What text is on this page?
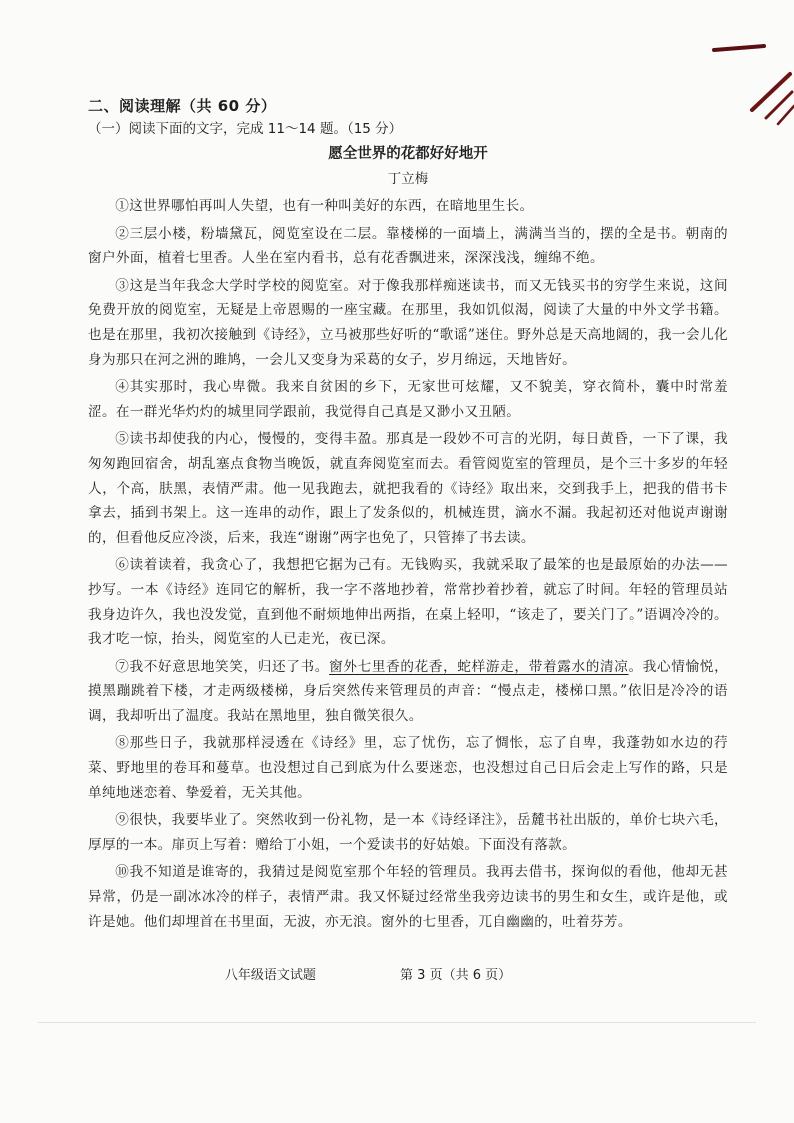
二、阅读理解（共 60 分）

（一）阅读下面的文字，完成 11～14 题。（15 分）

愿全世界的花都好好地开

丁立梅

①这世界哪怕再叫人失望，也有一种叫美好的东西，在暗地里生长。

②三层小楼，粉墙黛瓦，阅览室设在二层。靠楼梯的一面墙上，满满当当的，摆的全是书。朝南的窗户外面，植着七里香。人坐在室内看书，总有花香飘进来，深深浅浅，缠绵不绝。

③这是当年我念大学时学校的阅览室。对于像我那样痴迷读书，而又无钱买书的穷学生来说，这间免费开放的阅览室，无疑是上帝恩赐的一座宝藏。在那里，我如饥似渴，阅读了大量的中外文学书籍。也是在那里，我初次接触到《诗经》，立马被那些好听的“歌谣”迷住。野外总是天高地阔的，我一会儿化身为那只在河之洲的雎鸠，一会儿又变身为采葛的女子，岁月绵远，天地皆好。

④其实那时，我心卑微。我来自贫困的乡下，无家世可炫耀，又不貌美，穿衣简朴，囊中时常羞涩。在一群光华灼灼的城里同学跟前，我觉得自己真是又渺小又丑陋。

⑤读书却使我的内心，慢慢的，变得丰盈。那真是一段妙不可言的光阴，每日黄昏，一下了课，我匆匆跑回宿舍，胡乱塞点食物当晚饭，就直奔阅览室而去。看管阅览室的管理员，是个三十多岁的年轻人，个高，肤黑，表情严肃。他一见我跑去，就把我看的《诗经》取出来，交到我手上，把我的借书卡拿去，插到书架上。这一连串的动作，跟上了发条似的，机械连贯，滴水不漏。我起初还对他说声谢谢的，但看他反应冷淡，后来，我连“谢谢”两字也免了，只管捧了书去读。

⑥读着读着，我贪心了，我想把它据为己有。无钱购买，我就采取了最笨的也是最原始的办法——抄写。一本《诗经》连同它的解析，我一字不落地抄着，常常抄着抄着，就忘了时间。年轻的管理员站我身边许久，我也没发觉，直到他不耐烦地伸出两指，在桌上轻叩，“该走了，要关门了。”语调冷冷的。我才吃一惊，抬头，阅览室的人已走光，夜已深。

⑦我不好意思地笑笑，归还了书。窗外七里香的花香，蛇样游走，带着露水的清凉。我心情愉悦，摸黑蹦跳着下楼，才走两级楼梯，身后突然传来管理员的声音：“慢点走，楼梯口黑。”依旧是冷冷的语调，我却听出了温度。我站在黑地里，独自微笑很久。

⑧那些日子，我就那样浸透在《诗经》里，忘了忧伤，忘了惆怅，忘了自卑，我蓬勃如水边的荇菜、野地里的卷耳和蔓草。也没想过自己到底为什么要迷恋，也没想过自己日后会走上写作的路，只是单纯地迷恋着、挚爱着，无关其他。

⑨很快，我要毕业了。突然收到一份礼物，是一本《诗经译注》，岳麓书社出版的，单价七块六毛，厚厚的一本。扉页上写着：赠给丁小姐，一个爱读书的好姑娘。下面没有落款。

⑩我不知道是谁寄的，我猜过是阅览室那个年轻的管理员。我再去借书，探询似的看他，他却无甚异常，仍是一副冰冰冷的样子，表情严肃。我又怀疑过经常坐我旁边读书的男生和女生，或许是他，或许是她。他们却埋首在书里面，无波，亦无浪。窗外的七里香，兀自幽幽的，吐着芬芳。

八年级语文试题	第 3 页（共 6 页）
